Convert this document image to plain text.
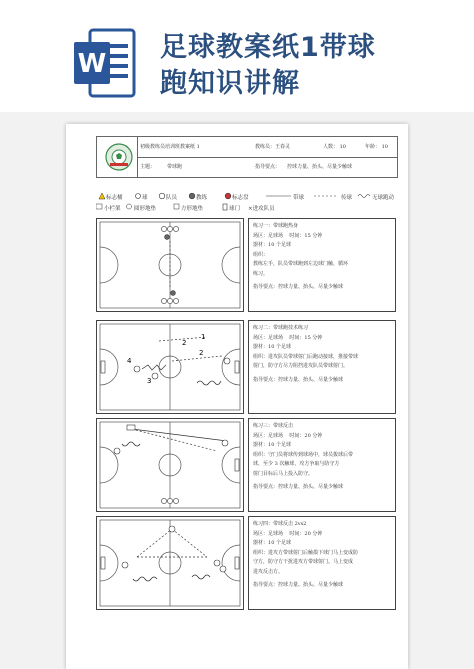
W
足球教案纸1带球
跑知识讲解
初级教练员培训班教案纸 1	教练员：王春灵	人数： 10	年龄： 10
主题： 带球跑	指导要点： 控球力量、抬头、尽量少触球
标志桶	球	队员	教练	标志盘	带球	传球	无球跑动
小栏架 圆形地垫	方形地垫	球门 ×进攻队员
练习一：带球跑热身
场区：足球场 时间：15 分钟
器材：10 个足球
组织：
教练左手，队员带球跑到左边球门触，循环
练习。
指导要点：控球力量、抬头、尽量少触球
4
2
2
3
1
练习二：带球跑技术练习
场区：足球场 时间：15 分钟
器材：10 个足球
组织：进攻队员带球射门后跑动接球，推接带球
射门，防守方尽力阻挡进攻队员带球射门。
指导要点：控球力量、抬头、尽量少触球
练习三：带球反击
场区：足球场 时间：20 分钟
器材：10 个足球
组织：守门员将球传到球场中，球员拨球后带
球，至少 3 次触球，攻方争取与防守方
射门目标后马上投入防守。
指导要点：控球力量、抬头、尽量少触球
练习四：带球反击 2vs2
场区：足球场 时间：20 分钟
器材：10 个足球
组织：进攻方带球射门后触摸下球门马上变成防
守方，防守方干扰进攻方带球射门。马上变成
进攻反击方。
指导要点：控球力量、抬头、尽量少触球
